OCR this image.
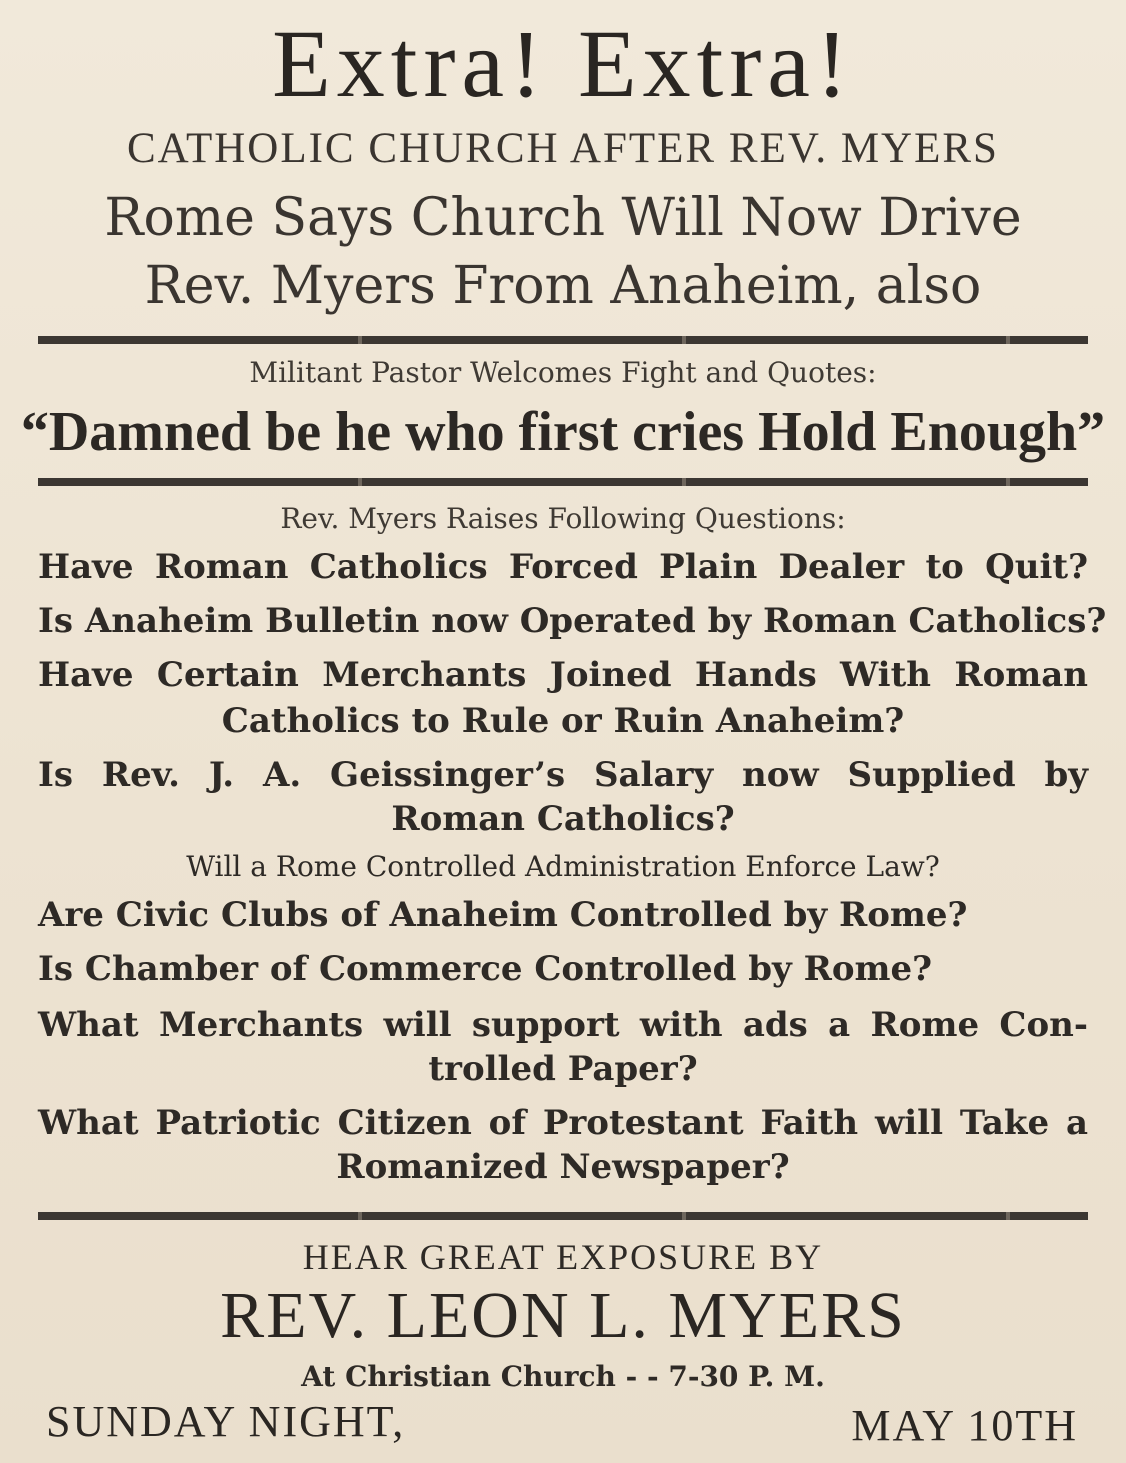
Extra! Extra!
CATHOLIC CHURCH AFTER REV. MYERS
Rome Says Church Will Now Drive
Rev. Myers From Anaheim, also
Militant Pastor Welcomes Fight and Quotes:
“Damned be he who first cries Hold Enough”
Rev. Myers Raises Following Questions:
Have Roman Catholics Forced Plain Dealer to Quit?
Is Anaheim Bulletin now Operated by Roman Catholics?
Have Certain Merchants Joined Hands With Roman
Catholics to Rule or Ruin Anaheim?
Is Rev. J. A. Geissinger’s Salary now Supplied by
Roman Catholics?
Will a Rome Controlled Administration Enforce Law?
Are Civic Clubs of Anaheim Controlled by Rome?
Is Chamber of Commerce Controlled by Rome?
What Merchants will support with ads a Rome Con-
trolled Paper?
What Patriotic Citizen of Protestant Faith will Take a
Romanized Newspaper?
HEAR GREAT EXPOSURE BY
REV. LEON L. MYERS
At Christian Church - - 7-30 P. M.
SUNDAY NIGHT,	MAY 10TH
